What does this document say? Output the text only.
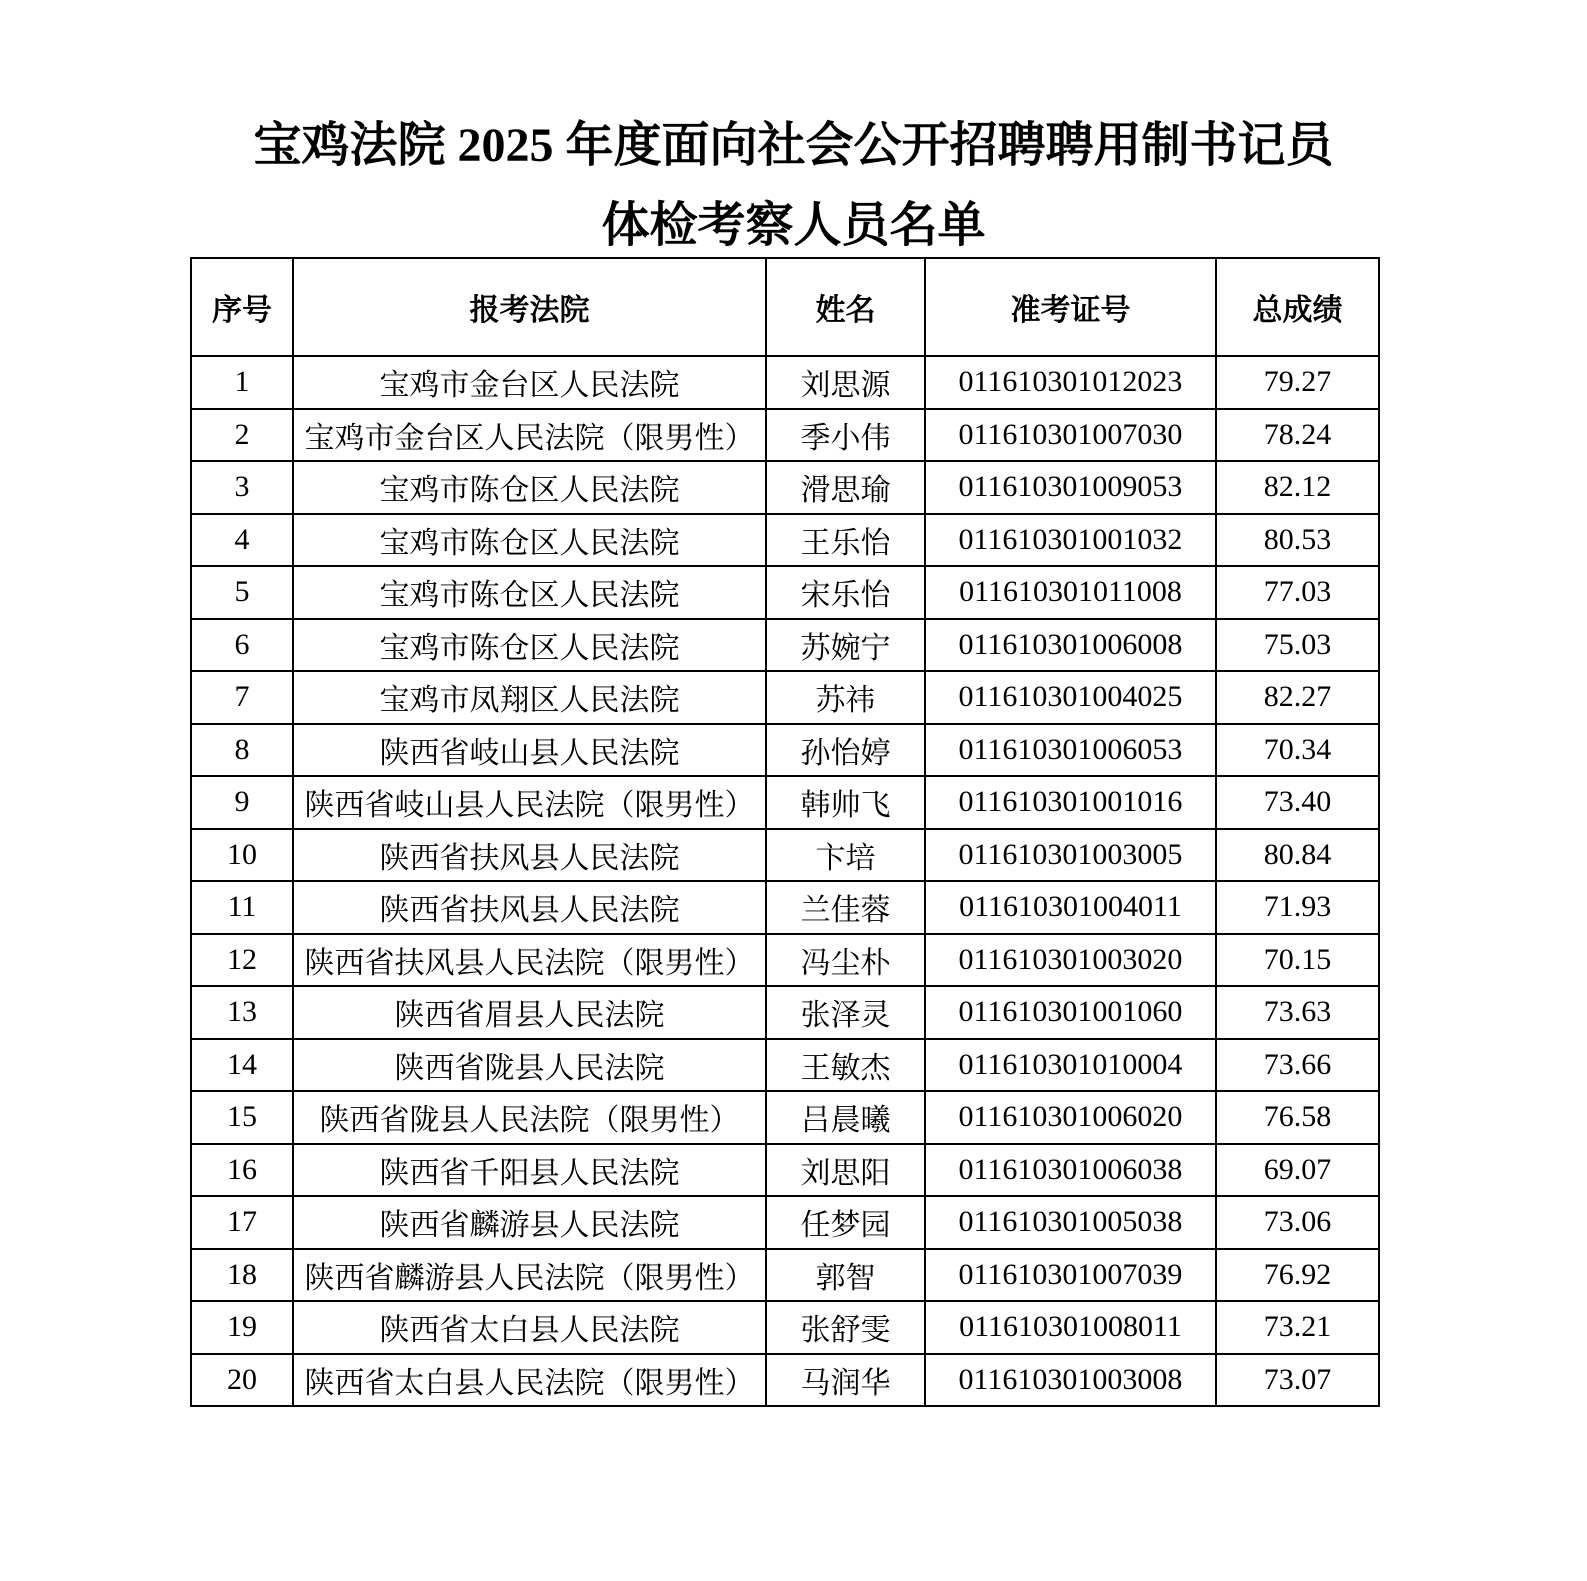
宝鸡法院 2025 年度面向社会公开招聘聘用制书记员
体检考察人员名单
序号	报考法院	姓名	准考证号	总成绩
1	宝鸡市金台区人民法院	刘思源	011610301012023	79.27
2	宝鸡市金台区人民法院（限男性）	季小伟	011610301007030	78.24
3	宝鸡市陈仓区人民法院	滑思瑜	011610301009053	82.12
4	宝鸡市陈仓区人民法院	王乐怡	011610301001032	80.53
5	宝鸡市陈仓区人民法院	宋乐怡	011610301011008	77.03
6	宝鸡市陈仓区人民法院	苏婉宁	011610301006008	75.03
7	宝鸡市凤翔区人民法院	苏祎	011610301004025	82.27
8	陕西省岐山县人民法院	孙怡婷	011610301006053	70.34
9	陕西省岐山县人民法院（限男性）	韩帅飞	011610301001016	73.40
10	陕西省扶风县人民法院	卞培	011610301003005	80.84
11	陕西省扶风县人民法院	兰佳蓉	011610301004011	71.93
12	陕西省扶风县人民法院（限男性）	冯尘朴	011610301003020	70.15
13	陕西省眉县人民法院	张泽灵	011610301001060	73.63
14	陕西省陇县人民法院	王敏杰	011610301010004	73.66
15	陕西省陇县人民法院（限男性）	吕晨曦	011610301006020	76.58
16	陕西省千阳县人民法院	刘思阳	011610301006038	69.07
17	陕西省麟游县人民法院	任梦园	011610301005038	73.06
18	陕西省麟游县人民法院（限男性）	郭智	011610301007039	76.92
19	陕西省太白县人民法院	张舒雯	011610301008011	73.21
20	陕西省太白县人民法院（限男性）	马润华	011610301003008	73.07
